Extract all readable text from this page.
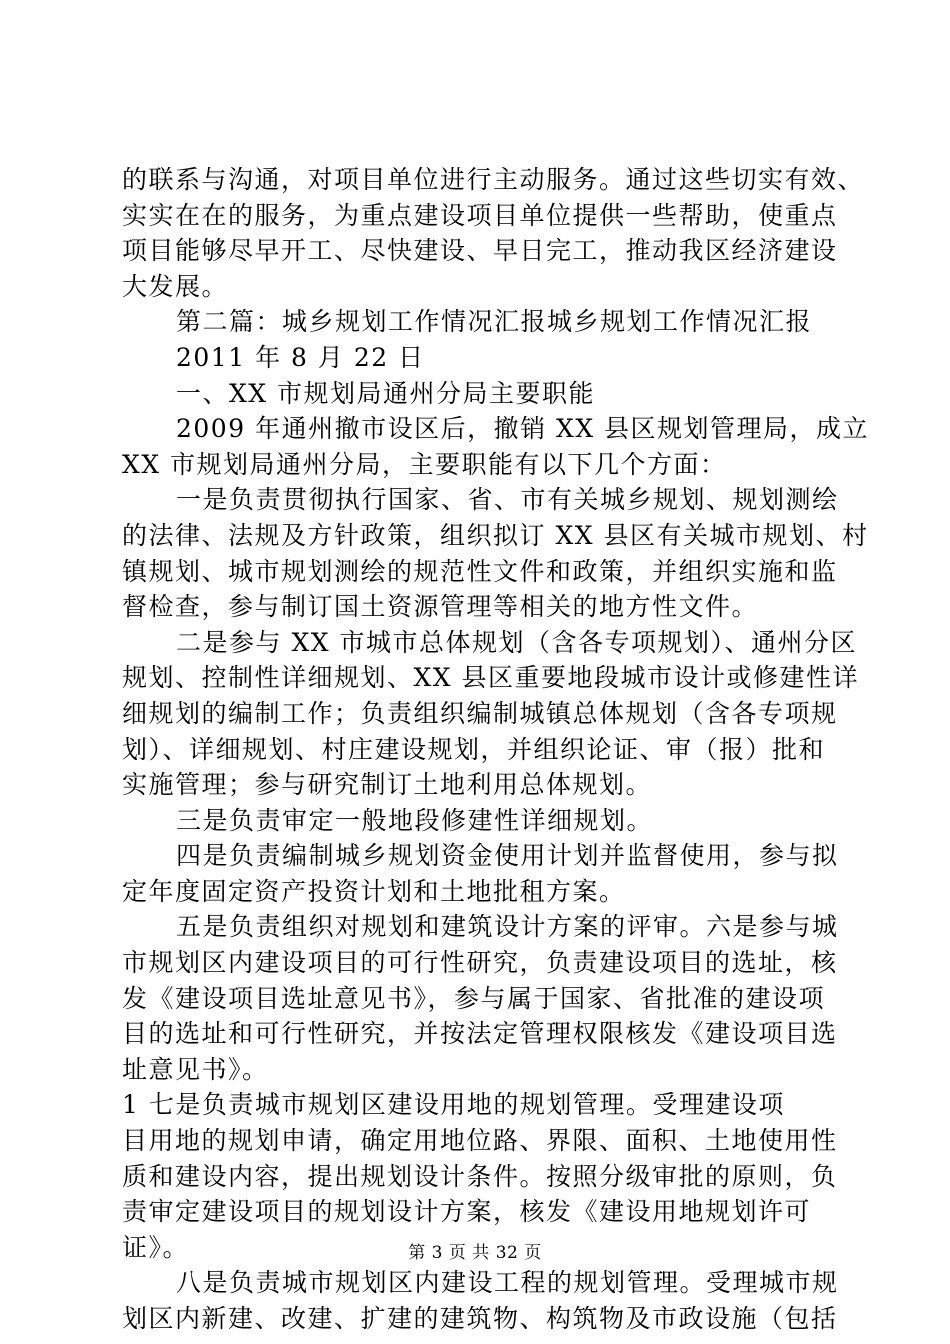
的联系与沟通，对项目单位进行主动服务。通过这些切实有效、

实实在在的服务，为重点建设项目单位提供一些帮助，使重点

项目能够尽早开工、尽快建设、早日完工，推动我区经济建设

大发展。

第二篇：城乡规划工作情况汇报城乡规划工作情况汇报

2011 年 8 月 22 日

一、XX 市规划局通州分局主要职能

2009 年通州撤市设区后，撤销 XX 县区规划管理局，成立

XX 市规划局通州分局，主要职能有以下几个方面：

一是负责贯彻执行国家、省、市有关城乡规划、规划测绘

的法律、法规及方针政策，组织拟订 XX 县区有关城市规划、村

镇规划、城市规划测绘的规范性文件和政策，并组织实施和监

督检查，参与制订国土资源管理等相关的地方性文件。

二是参与 XX 市城市总体规划（含各专项规划）、通州分区

规划、控制性详细规划、XX 县区重要地段城市设计或修建性详

细规划的编制工作；负责组织编制城镇总体规划（含各专项规

划）、详细规划、村庄建设规划，并组织论证、审（报）批和

实施管理；参与研究制订土地利用总体规划。

三是负责审定一般地段修建性详细规划。

四是负责编制城乡规划资金使用计划并监督使用，参与拟

定年度固定资产投资计划和土地批租方案。

五是负责组织对规划和建筑设计方案的评审。六是参与城

市规划区内建设项目的可行性研究，负责建设项目的选址，核

发《建设项目选址意见书》，参与属于国家、省批准的建设项

目的选址和可行性研究，并按法定管理权限核发《建设项目选

址意见书》。

1 七是负责城市规划区建设用地的规划管理。受理建设项

目用地的规划申请，确定用地位路、界限、面积、土地使用性

质和建设内容，提出规划设计条件。按照分级审批的原则，负

责审定建设项目的规划设计方案，核发《建设用地规划许可

证》。

八是负责城市规划区内建设工程的规划管理。受理城市规

划区内新建、改建、扩建的建筑物、构筑物及市政设施（包括

第 3 页 共 32 页
